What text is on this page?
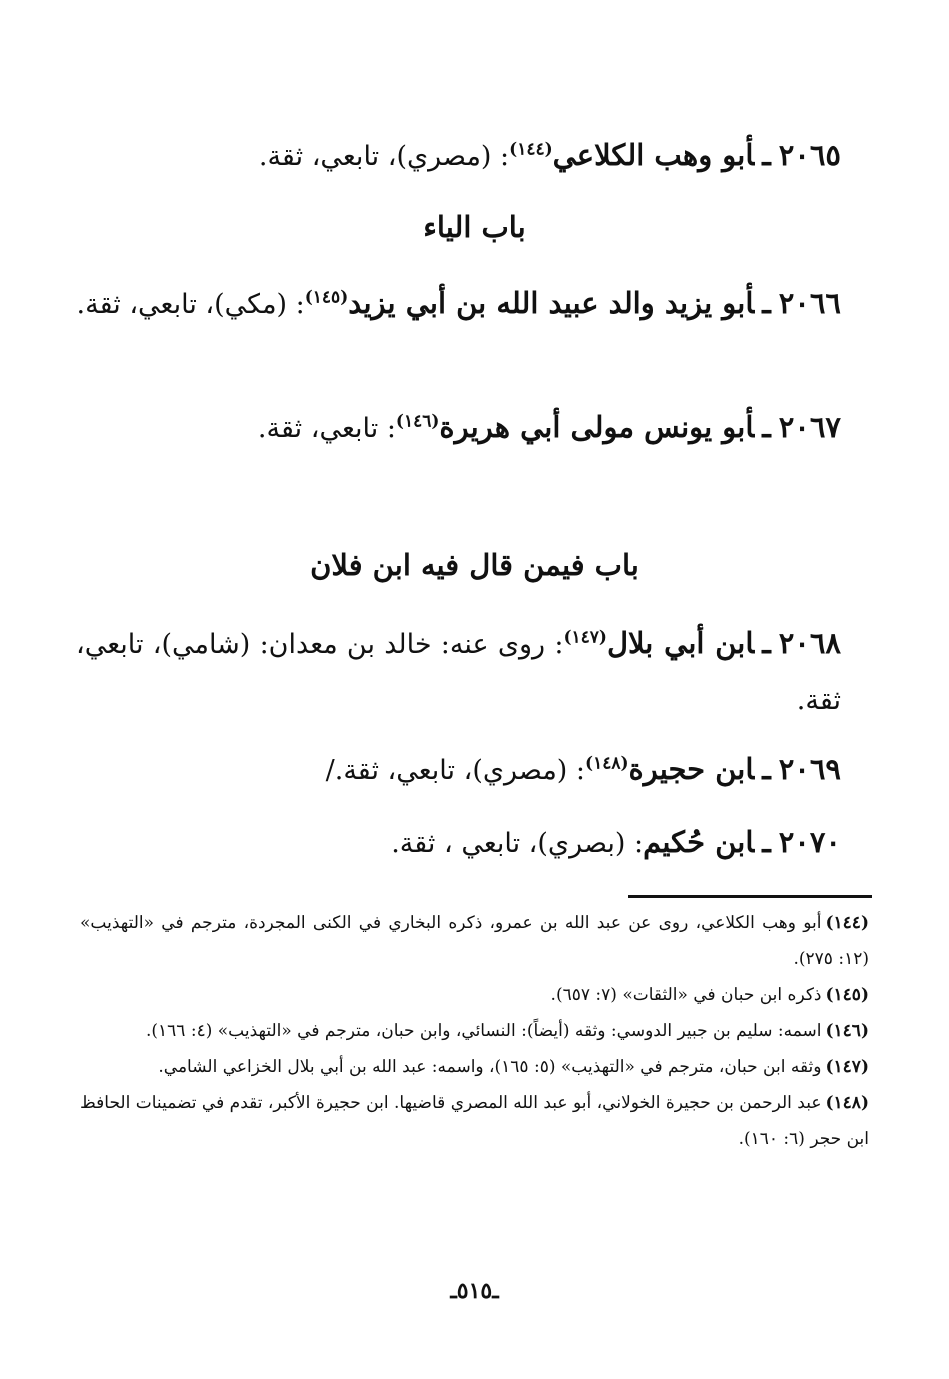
٢٠٦٥ـأبو وهب الكلاعي$^{(١٤٤)}$: (مصري)، تابعي، ثقة.
باب الياء
٢٠٦٦ـأبو يزيد والد عبيد الله بن أبي يزيد$^{(١٤٥)}$: (مكي)، تابعي، ثقة.
٢٠٦٧ـأبو يونس مولى أبي هريرة$^{(١٤٦)}$: تابعي، ثقة.
باب فيمن قال فيه ابن فلان
٢٠٦٨ـابن أبي بلال$^{(١٤٧)}$: روى عنه: خالد بن معدان: (شامي)، تابعي، ثقة.
٢٠٦٩ـابن حجيرة$^{(١٤٨)}$: (مصري)، تابعي، ثقة./
٢٠٧٠ـابن حُكيم: (بصري)، تابعي ، ثقة.
(١٤٤)أبو وهب الكلاعي، روى عن عبد الله بن عمرو، ذكره البخاري في الكنى المجردة، مترجم في «التهذيب» (١٢: ٢٧٥).
(١٤٥)ذكره ابن حبان في «الثقات» (٧: ٦٥٧).
(١٤٦)اسمه: سليم بن جبير الدوسي: وثقه (أيضاً): النسائي، وابن حبان، مترجم في «التهذيب» (٤: ١٦٦).
(١٤٧)وثقه ابن حبان، مترجم في «التهذيب» (٥: ١٦٥)، واسمه: عبد الله بن أبي بلال الخزاعي الشامي.
(١٤٨)عبد الرحمن بن حجيرة الخولاني، أبو عبد الله المصري قاضيها. ابن حجيرة الأكبر، تقدم في تضمينات الحافظ ابن حجر (٦: ١٦٠).
ـ٥١٥ـ
